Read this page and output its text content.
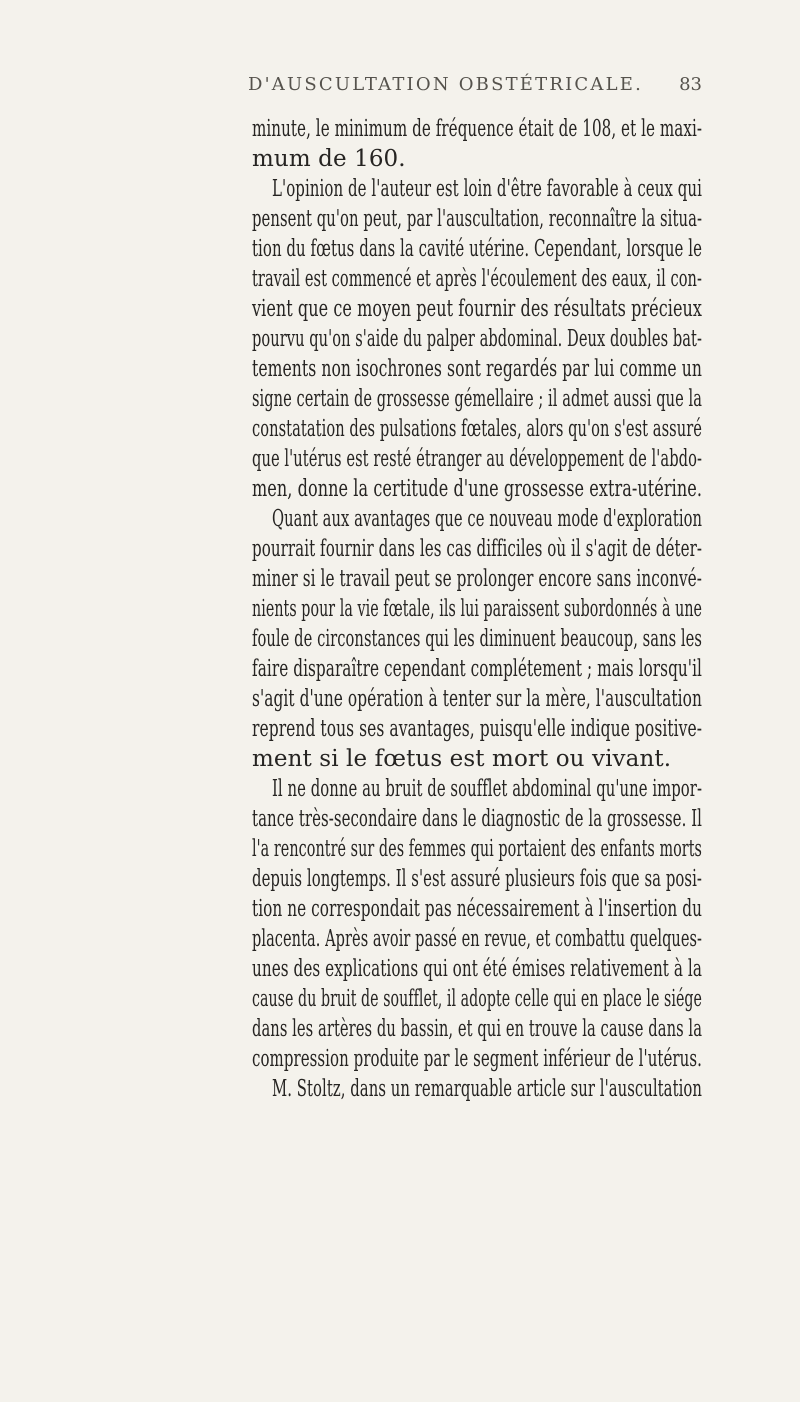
D'AUSCULTATION OBSTÉTRICALE. 83
minute, le minimum de fréquence était de 108, et le maxi-
mum de 160.
L'opinion de l'auteur est loin d'être favorable à ceux qui
pensent qu'on peut, par l'auscultation, reconnaître la situa-
tion du fœtus dans la cavité utérine. Cependant, lorsque le
travail est commencé et après l'écoulement des eaux, il con-
vient que ce moyen peut fournir des résultats précieux
pourvu qu'on s'aide du palper abdominal. Deux doubles bat-
tements non isochrones sont regardés par lui comme un
signe certain de grossesse gémellaire ; il admet aussi que la
constatation des pulsations fœtales, alors qu'on s'est assuré
que l'utérus est resté étranger au développement de l'abdo-
men, donne la certitude d'une grossesse extra-utérine.
Quant aux avantages que ce nouveau mode d'exploration
pourrait fournir dans les cas difficiles où il s'agit de déter-
miner si le travail peut se prolonger encore sans inconvé-
nients pour la vie fœtale, ils lui paraissent subordonnés à une
foule de circonstances qui les diminuent beaucoup, sans les
faire disparaître cependant complétement ; mais lorsqu'il
s'agit d'une opération à tenter sur la mère, l'auscultation
reprend tous ses avantages, puisqu'elle indique positive-
ment si le fœtus est mort ou vivant.
Il ne donne au bruit de soufflet abdominal qu'une impor-
tance très-secondaire dans le diagnostic de la grossesse. Il
l'a rencontré sur des femmes qui portaient des enfants morts
depuis longtemps. Il s'est assuré plusieurs fois que sa posi-
tion ne correspondait pas nécessairement à l'insertion du
placenta. Après avoir passé en revue, et combattu quelques-
unes des explications qui ont été émises relativement à la
cause du bruit de soufflet, il adopte celle qui en place le siége
dans les artères du bassin, et qui en trouve la cause dans la
compression produite par le segment inférieur de l'utérus.
M. Stoltz, dans un remarquable article sur l'auscultation
